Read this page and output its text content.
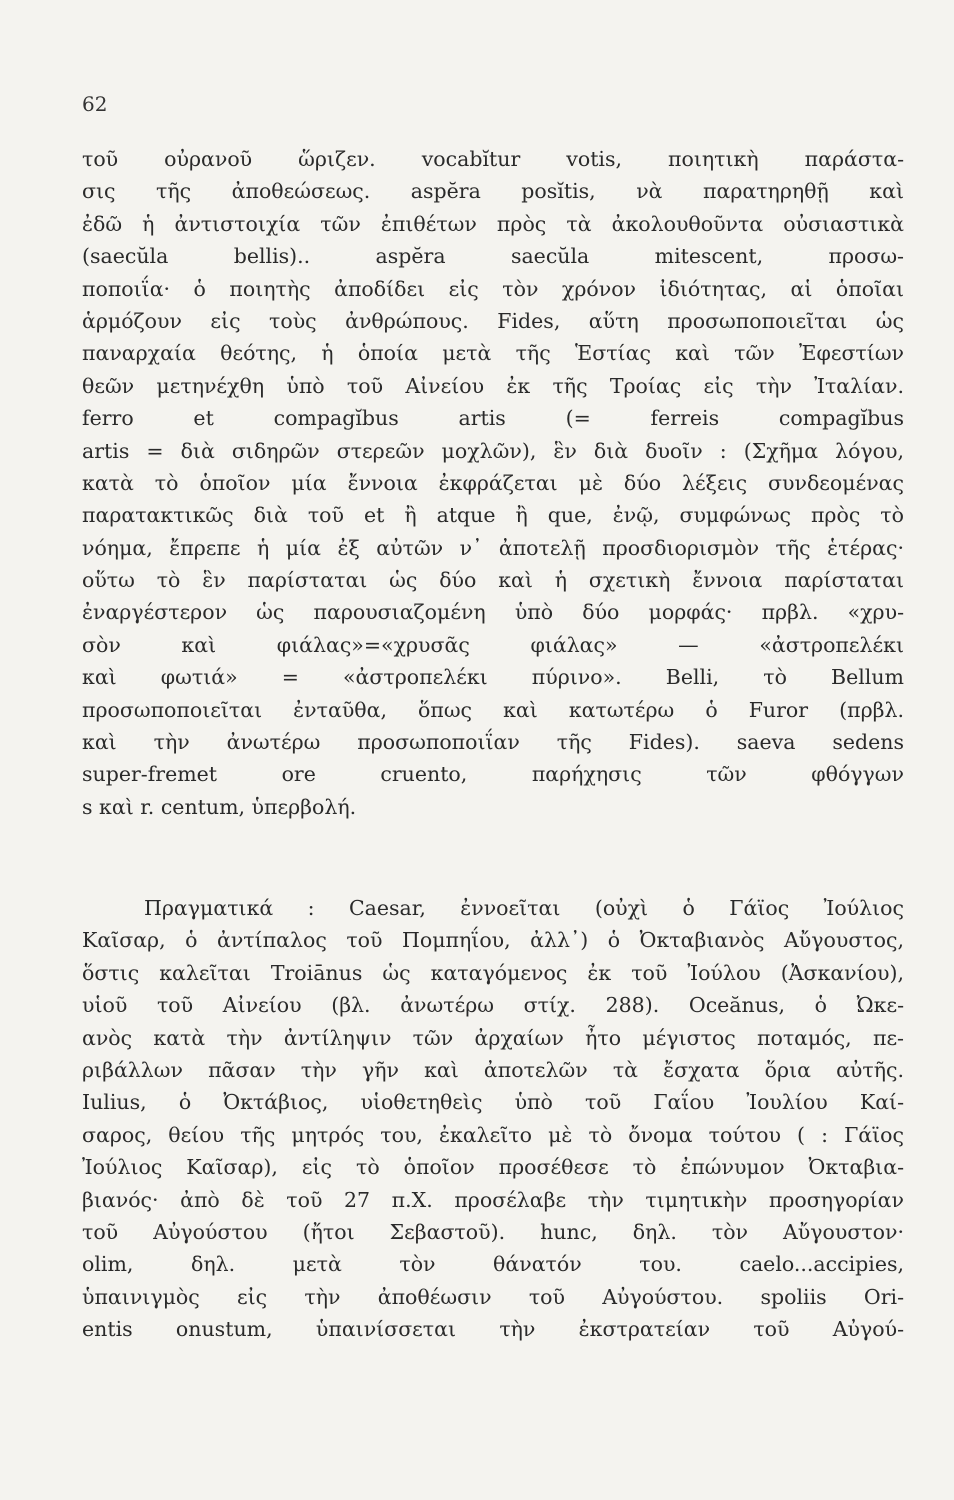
62
τοῦ οὐρανοῦ ὥριζεν. vocabĭtur votis, ποιητικὴ παράστα-
σις τῆς ἀποθεώσεως. aspĕra posĭtis, νὰ παρατηρηθῇ καὶ
ἐδῶ ἡ ἀντιστοιχία τῶν ἐπιθέτων πρὸς τὰ ἀκολουθοῦντα οὐσιαστικὰ
(saecŭla bellis).. aspĕra saecŭla mitescent, προσω-
ποποιΐα· ὁ ποιητὴς ἀποδίδει εἰς τὸν χρόνον ἰδιότητας, αἱ ὁποῖαι
ἁρμόζουν εἰς τοὺς ἀνθρώπους. Fides, αὕτη προσωποποιεῖται ὡς
παναρχαία θεότης, ἡ ὁποία μετὰ τῆς Ἑστίας καὶ τῶν Ἐφεστίων
θεῶν μετηνέχθη ὑπὸ τοῦ Αἰνείου ἐκ τῆς Τροίας εἰς τὴν Ἰταλίαν.
ferro et compagĭbus artis (= ferreis compagĭbus
artis = διὰ σιδηρῶν στερεῶν μοχλῶν), ἓν διὰ δυοῖν : (Σχῆμα λόγου,
κατὰ τὸ ὁποῖον μία ἔννοια ἐκφράζεται μὲ δύο λέξεις συνδεομένας
παρατακτικῶς διὰ τοῦ et ἢ atque ἢ que, ἐνῷ, συμφώνως πρὸς τὸ
νόημα, ἔπρεπε ἡ μία ἐξ αὐτῶν ν᾽ ἀποτελῇ προσδιορισμὸν τῆς ἑτέρας·
οὕτω τὸ ἓν παρίσταται ὡς δύο καὶ ἡ σχετικὴ ἔννοια παρίσταται
ἐναργέστερον ὡς παρουσιαζομένη ὑπὸ δύο μορφάς· πρβλ. «χρυ-
σὸν καὶ φιάλας»=«χρυσᾶς φιάλας» — «ἀστροπελέκι
καὶ φωτιά» = «ἀστροπελέκι πύρινο». Belli, τὸ Bellum
προσωποποιεῖται ἐνταῦθα, ὅπως καὶ κατωτέρω ὁ Furor (πρβλ.
καὶ τὴν ἀνωτέρω προσωποποιΐαν τῆς Fides). saeva sedens
super-fremet ore cruento, παρήχησις τῶν φθόγγων
s καὶ r. centum, ὑπερβολή.
Πραγματικά : Caesar, ἐννοεῖται (οὐχὶ ὁ Γάϊος Ἰούλιος
Καῖσαρ, ὁ ἀντίπαλος τοῦ Πομπηΐου, ἀλλ᾽) ὁ Ὀκταβιανὸς Αὔγουστος,
ὅστις καλεῖται Troiānus ὡς καταγόμενος ἐκ τοῦ Ἰούλου (Ἀσκανίου),
υἱοῦ τοῦ Αἰνείου (βλ. ἀνωτέρω στίχ. 288). Oceănus, ὁ Ὠκε-
ανὸς κατὰ τὴν ἀντίληψιν τῶν ἀρχαίων ἦτο μέγιστος ποταμός, πε-
ριβάλλων πᾶσαν τὴν γῆν καὶ ἀποτελῶν τὰ ἔσχατα ὅρια αὐτῆς.
Iulius, ὁ Ὀκτάβιος, υἱοθετηθεὶς ὑπὸ τοῦ Γαΐου Ἰουλίου Καί-
σαρος, θείου τῆς μητρός του, ἐκαλεῖτο μὲ τὸ ὄνομα τούτου ( : Γάϊος
Ἰούλιος Καῖσαρ), εἰς τὸ ὁποῖον προσέθεσε τὸ ἐπώνυμον Ὀκταβια-
βιανός· ἀπὸ δὲ τοῦ 27 π.Χ. προσέλαβε τὴν τιμητικὴν προσηγορίαν
τοῦ Αὐγούστου (ἤτοι Σεβαστοῦ). hunc, δηλ. τὸν Αὔγουστον·
olim, δηλ. μετὰ τὸν θάνατόν του. caelo...accipies,
ὑπαινιγμὸς εἰς τὴν ἀποθέωσιν τοῦ Αὐγούστου. spoliis Ori-
entis onustum, ὑπαινίσσεται τὴν ἐκστρατείαν τοῦ Αὐγού-
